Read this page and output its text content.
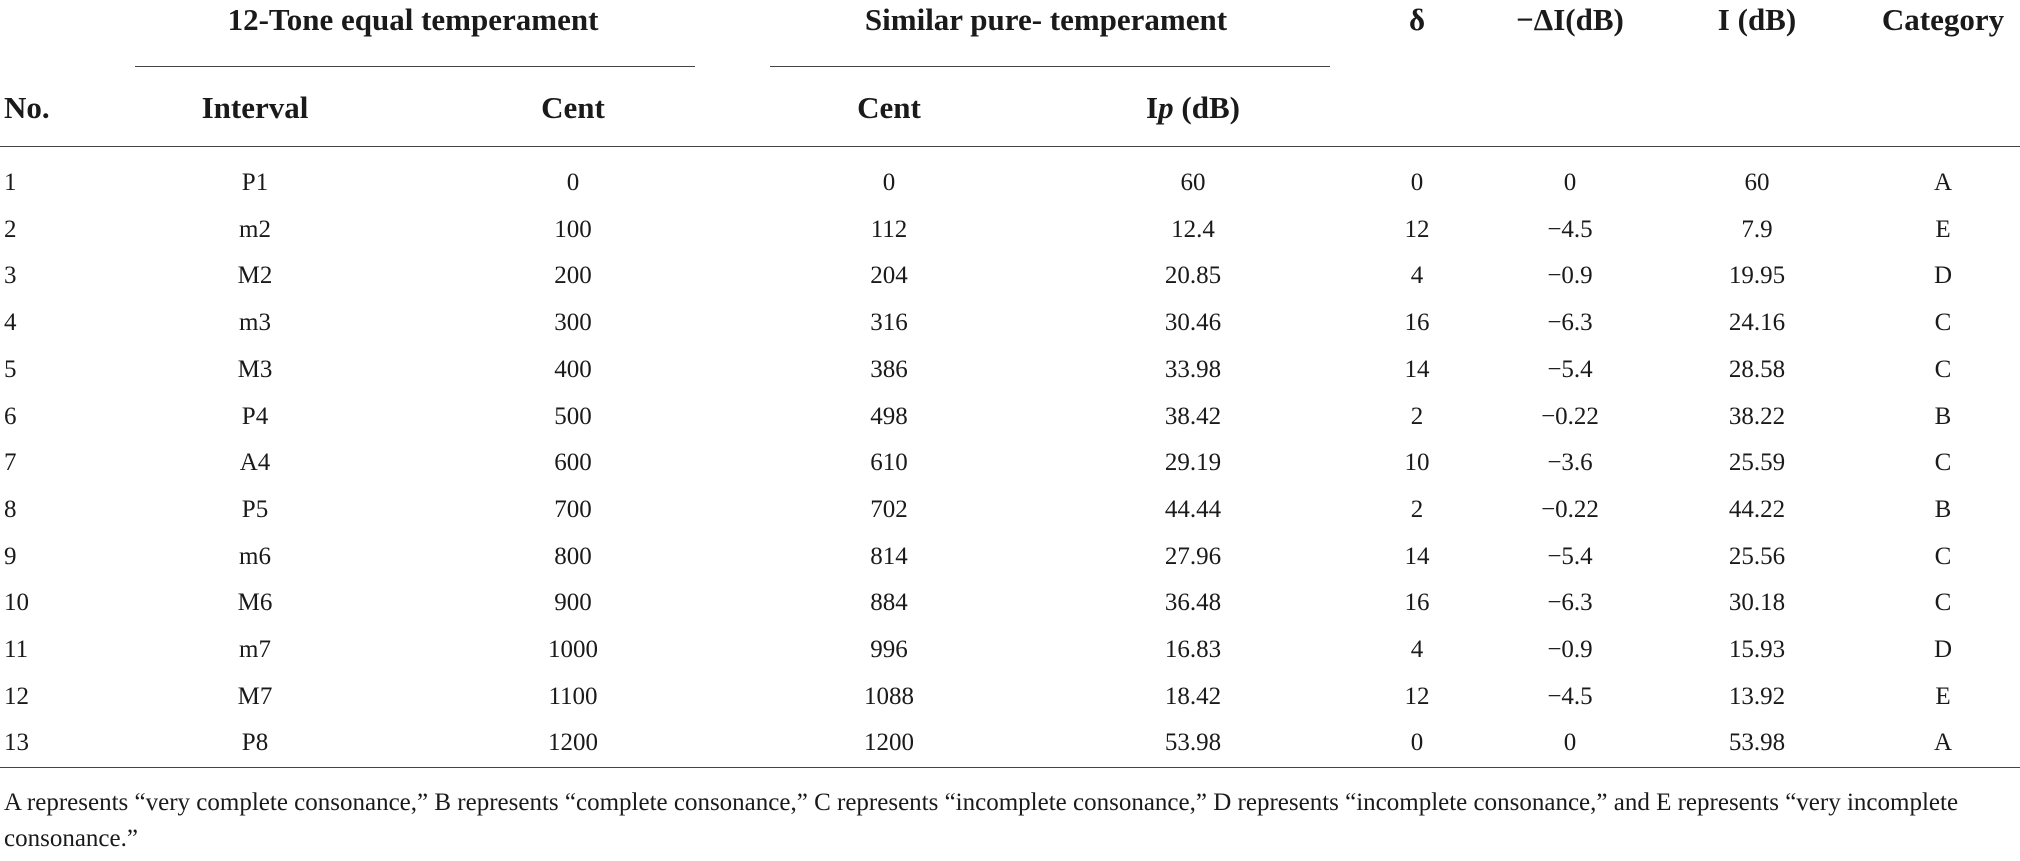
12-Tone equal temperament	Similar pure- temperament	δ	−ΔI(dB)	I (dB)	Category
No.	Interval	Cent	Cent	Ip (dB)
1	P1	0	0	60	0	0	60	A
2	m2	100	112	12.4	12	−4.5	7.9	E
3	M2	200	204	20.85	4	−0.9	19.95	D
4	m3	300	316	30.46	16	−6.3	24.16	C
5	M3	400	386	33.98	14	−5.4	28.58	C
6	P4	500	498	38.42	2	−0.22	38.22	B
7	A4	600	610	29.19	10	−3.6	25.59	C
8	P5	700	702	44.44	2	−0.22	44.22	B
9	m6	800	814	27.96	14	−5.4	25.56	C
10	M6	900	884	36.48	16	−6.3	30.18	C
11	m7	1000	996	16.83	4	−0.9	15.93	D
12	M7	1100	1088	18.42	12	−4.5	13.92	E
13	P8	1200	1200	53.98	0	0	53.98	A
A represents “very complete consonance,” B represents “complete consonance,” C represents “incomplete consonance,” D represents “incomplete consonance,” and E represents “very incomplete consonance.”
